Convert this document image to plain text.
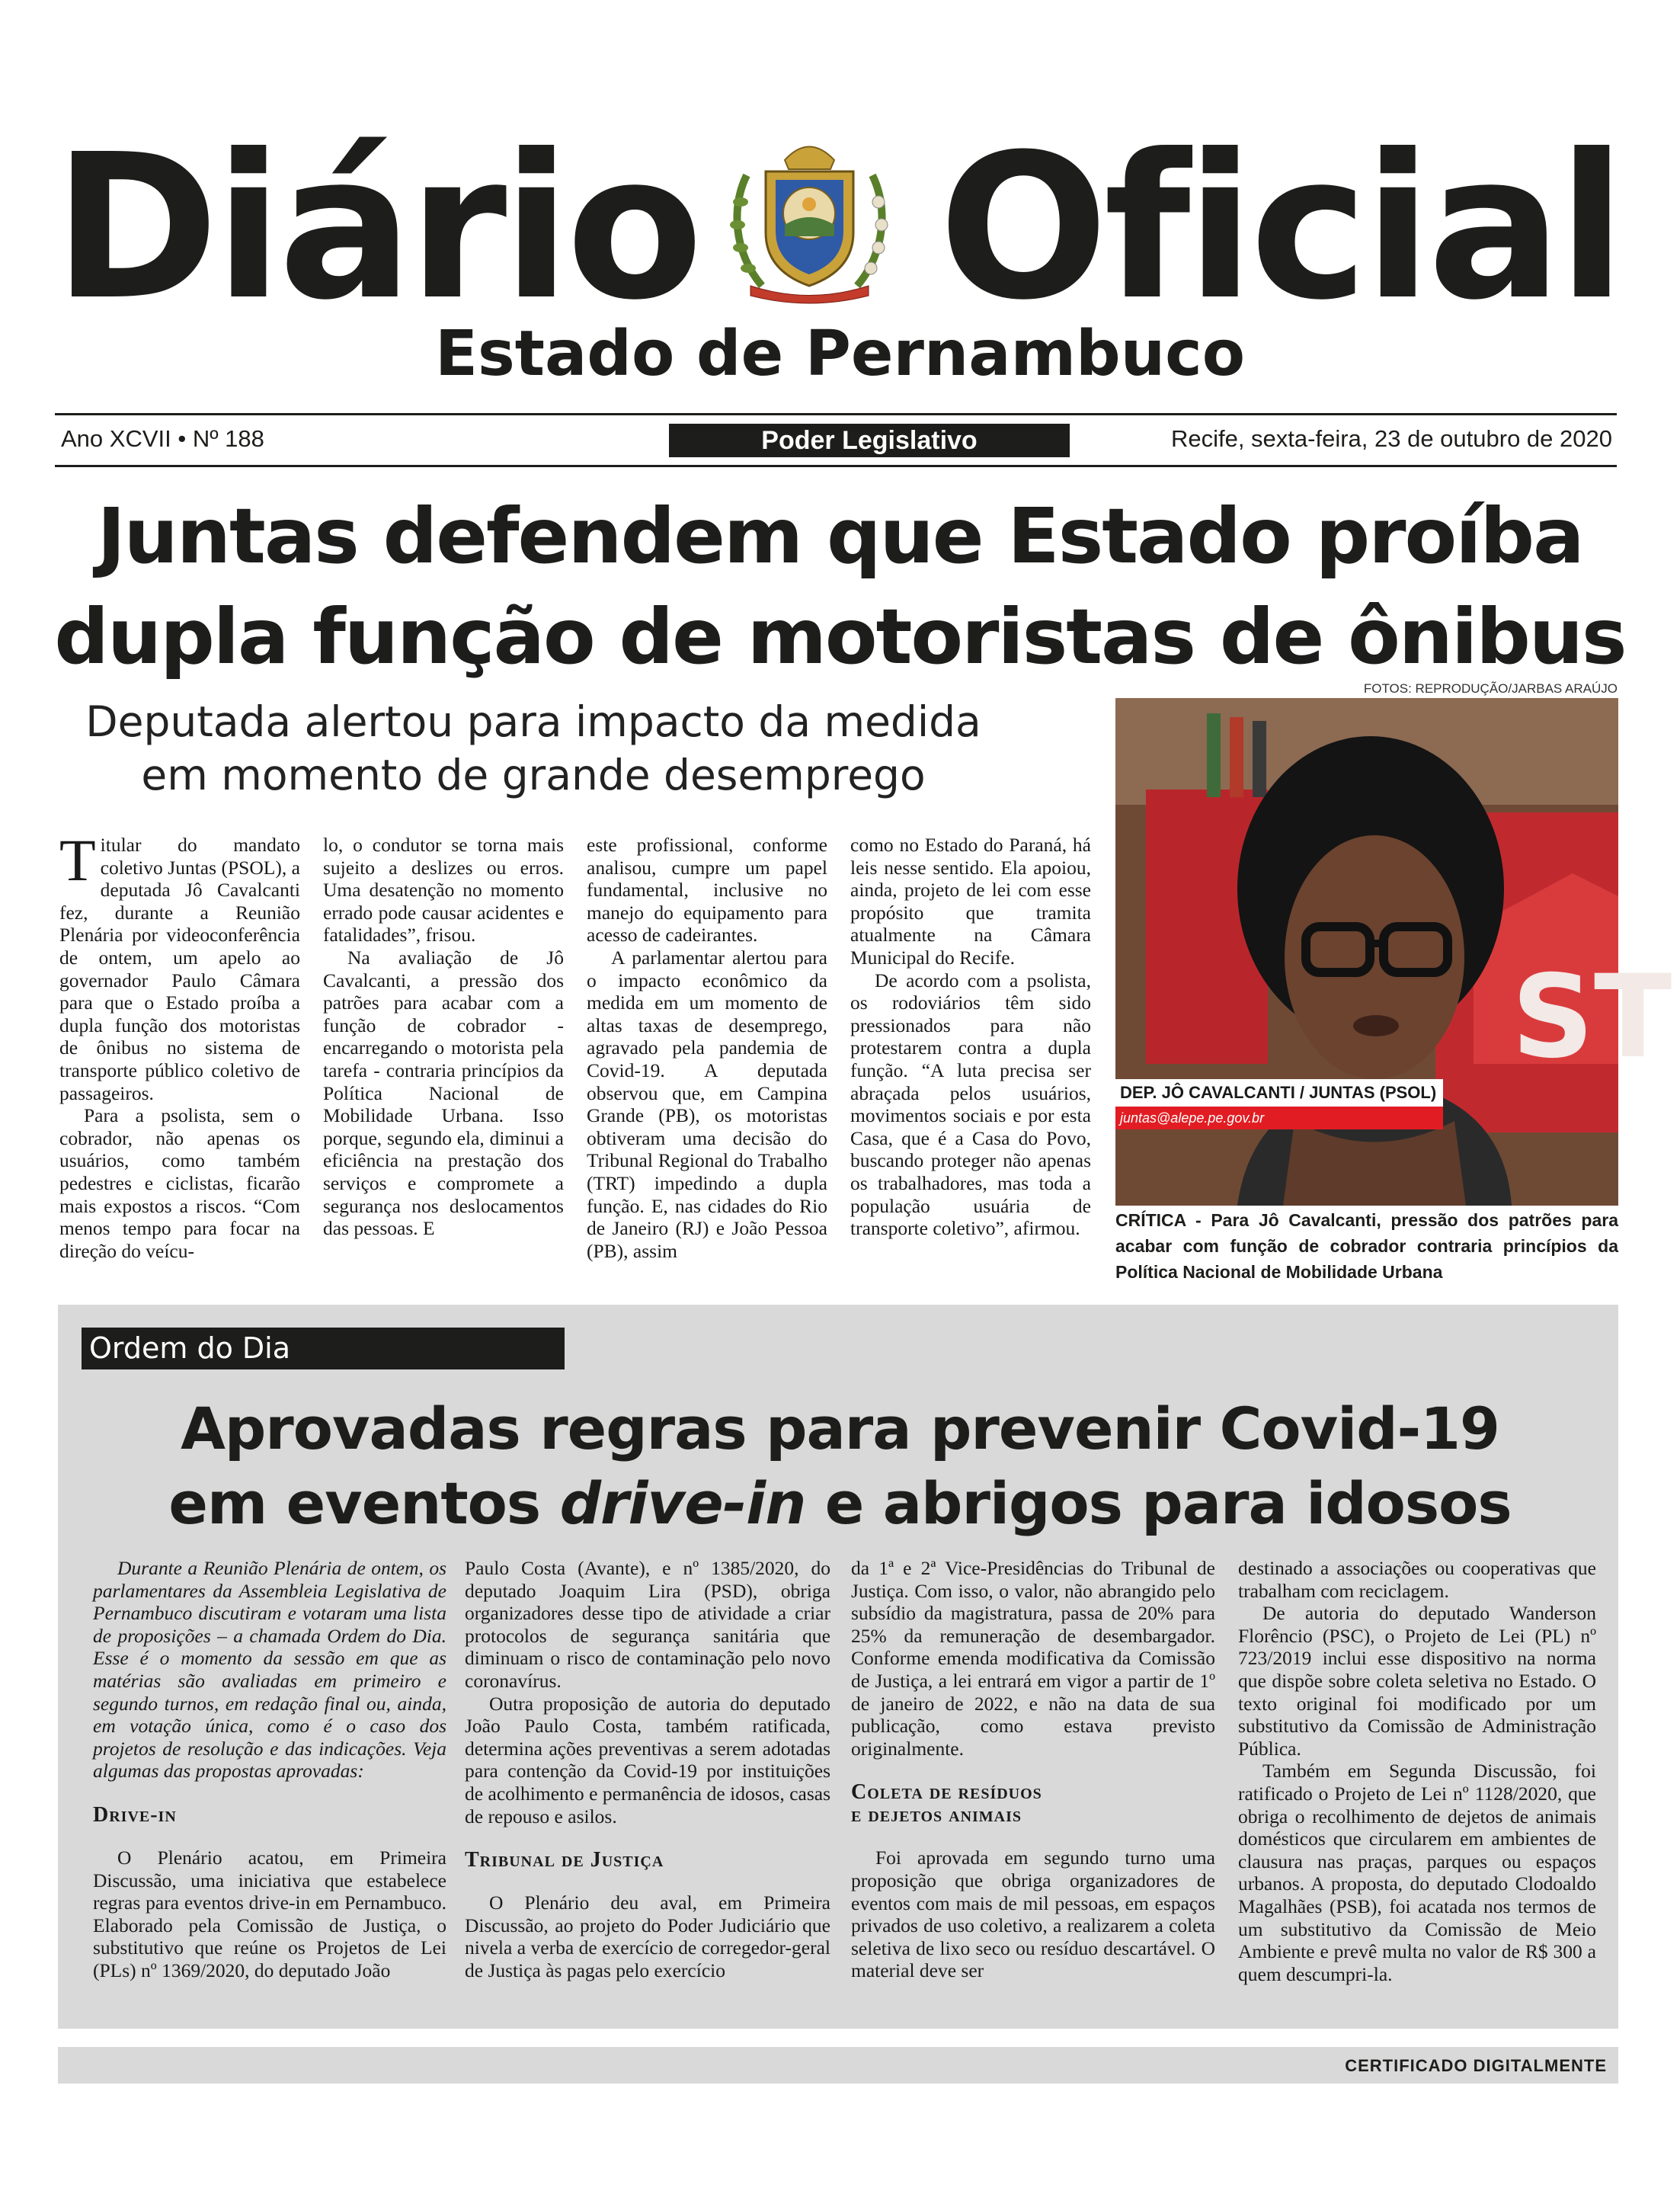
Diário Oficial
Estado de Pernambuco
Ano XCVII • Nº 188	Poder Legislativo	Recife, sexta-feira, 23 de outubro de 2020
Juntas defendem que Estado proíba
dupla função de motoristas de ônibus
FOTOS: REPRODUÇÃO/JARBAS ARAÚJO
Deputada alertou para impacto da medida
em momento de grande desemprego

Titular do mandato coletivo Juntas (PSOL), a deputada Jô Cavalcanti fez, durante a Reunião Plenária por videoconferência de ontem, um apelo ao governador Paulo Câmara para que o Estado proíba a dupla função dos motoristas de ônibus no sistema de transporte público coletivo de passageiros.

Para a psolista, sem o cobrador, não apenas os usuários, como também pedestres e ciclistas, ficarão mais expostos a riscos. “Com menos tempo para focar na direção do veícu-

lo, o condutor se torna mais sujeito a deslizes ou erros. Uma desatenção no momento errado pode causar acidentes e fatalidades”, frisou.

Na avaliação de Jô Cavalcanti, a pressão dos patrões para acabar com a função de cobrador - encarregando o motorista pela tarefa - contraria princípios da Política Nacional de Mobilidade Urbana. Isso porque, segundo ela, diminui a eficiência na prestação dos serviços e compromete a segurança nos deslocamentos das pessoas. E

este profissional, conforme analisou, cumpre um papel fundamental, inclusive no manejo do equipamento para acesso de cadeirantes.

A parlamentar alertou para o impacto econômico da medida em um momento de altas taxas de desemprego, agravado pela pandemia de Covid-19. A deputada observou que, em Campina Grande (PB), os motoristas obtiveram uma decisão do Tribunal Regional do Trabalho (TRT) impedindo a dupla função. E, nas cidades do Rio de Janeiro (RJ) e João Pessoa (PB), assim

como no Estado do Paraná, há leis nesse sentido. Ela apoiou, ainda, projeto de lei com esse propósito que tramita atualmente na Câmara Municipal do Recife.

De acordo com a psolista, os rodoviários têm sido pressionados para não protestarem contra a dupla função. “A luta precisa ser abraçada pelos usuários, movimentos sociais e por esta Casa, que é a Casa do Povo, buscando proteger não apenas os trabalhadores, mas toda a população usuária de transporte coletivo”, afirmou.

ST
DEP. JÔ CAVALCANTI / JUNTAS (PSOL)
juntas@alepe.pe.gov.br
CRÍTICA - Para Jô Cavalcanti, pressão dos patrões para acabar com função de cobrador contraria princípios da Política Nacional de Mobilidade Urbana
Ordem do Dia
Aprovadas regras para prevenir Covid-19
em eventos drive-in e abrigos para idosos

Durante a Reunião Plenária de ontem, os parlamentares da Assembleia Legislativa de Pernambuco discutiram e votaram uma lista de proposições – a chamada Ordem do Dia. Esse é o momento da sessão em que as matérias são avaliadas em primeiro e segundo turnos, em redação final ou, ainda, em votação única, como é o caso dos projetos de resolução e das indicações. Veja algumas das propostas aprovadas:

Drive-in

O Plenário acatou, em Primeira Discussão, uma iniciativa que estabelece regras para eventos drive-in em Pernambuco. Elaborado pela Comissão de Justiça, o substitutivo que reúne os Projetos de Lei (PLs) nº 1369/2020, do deputado João

Paulo Costa (Avante), e nº 1385/2020, do deputado Joaquim Lira (PSD), obriga organizadores desse tipo de atividade a criar protocolos de segurança sanitária que diminuam o risco de contaminação pelo novo coronavírus.

Outra proposição de autoria do deputado João Paulo Costa, também ratificada, determina ações preventivas a serem adotadas para contenção da Covid-19 por instituições de acolhimento e permanência de idosos, casas de repouso e asilos.

Tribunal de Justiça

O Plenário deu aval, em Primeira Discussão, ao projeto do Poder Judiciário que nivela a verba de exercício de corregedor-geral de Justiça às pagas pelo exercício

da 1ª e 2ª Vice-Presidências do Tribunal de Justiça. Com isso, o valor, não abrangido pelo subsídio da magistratura, passa de 20% para 25% da remuneração de desembargador. Conforme emenda modificativa da Comissão de Justiça, a lei entrará em vigor a partir de 1º de janeiro de 2022, e não na data de sua publicação, como estava previsto originalmente.

Coleta de resíduos
e dejetos animais

Foi aprovada em segundo turno uma proposição que obriga organizadores de eventos com mais de mil pessoas, em espaços privados de uso coletivo, a realizarem a coleta seletiva de lixo seco ou resíduo descartável. O material deve ser

destinado a associações ou cooperativas que trabalham com reciclagem.

De autoria do deputado Wanderson Florêncio (PSC), o Projeto de Lei (PL) nº 723/2019 inclui esse dispositivo na norma que dispõe sobre coleta seletiva no Estado. O texto original foi modificado por um substitutivo da Comissão de Administração Pública.

Também em Segunda Discussão, foi ratificado o Projeto de Lei nº 1128/2020, que obriga o recolhimento de dejetos de animais domésticos que circularem em ambientes de clausura nas praças, parques ou espaços urbanos. A proposta, do deputado Clodoaldo Magalhães (PSB), foi acatada nos termos de um substitutivo da Comissão de Meio Ambiente e prevê multa no valor de R$ 300 a quem descumpri-la.

CERTIFICADO DIGITALMENTE
